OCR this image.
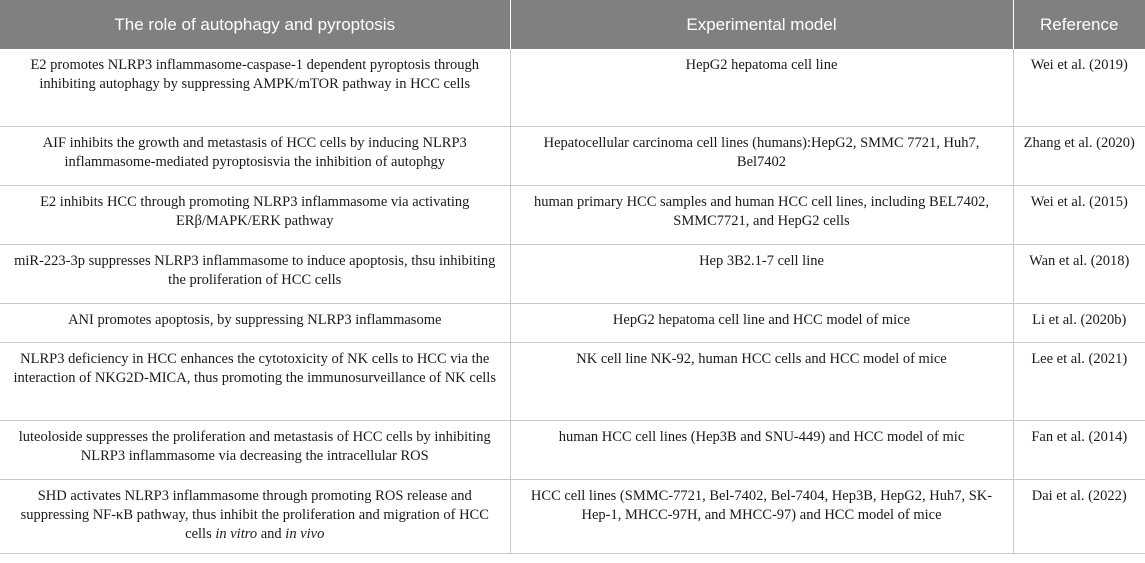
The role of autophagy and pyroptosis	Experimental model	Reference

E2 promotes NLRP3 inflammasome-caspase-1 dependent pyroptosis through inhibiting autophagy by suppressing AMPK/mTOR pathway in HCC cells	HepG2 hepatoma cell line	Wei et al. (2019)

AIF inhibits the growth and metastasis of HCC cells by inducing NLRP3 inflammasome-mediated pyroptosisvia the inhibition of autophgy	Hepatocellular carcinoma cell lines (humans):HepG2, SMMC 7721, Huh7, Bel7402	Zhang et al. (2020)

E2 inhibits HCC through promoting NLRP3 inflammasome via activating ERβ/MAPK/ERK pathway	human primary HCC samples and human HCC cell lines, including BEL7402, SMMC7721, and HepG2 cells	Wei et al. (2015)

miR-223-3p suppresses NLRP3 inflammasome to induce apoptosis, thsu inhibiting the proliferation of HCC cells	Hep 3B2.1-7 cell line	Wan et al. (2018)

ANI promotes apoptosis, by suppressing NLRP3 inflammasome	HepG2 hepatoma cell line and HCC model of mice	Li et al. (2020b)

NLRP3 deficiency in HCC enhances the cytotoxicity of NK cells to HCC via the interaction of NKG2D-MICA, thus promoting the immunosurveillance of NK cells	NK cell line NK-92, human HCC cells and HCC model of mice	Lee et al. (2021)

luteoloside suppresses the proliferation and metastasis of HCC cells by inhibiting NLRP3 inflammasome via decreasing the intracellular ROS	human HCC cell lines (Hep3B and SNU-449) and HCC model of mic	Fan et al. (2014)

SHD activates NLRP3 inflammasome through promoting ROS release and suppressing NF-κB pathway, thus inhibit the proliferation and migration of HCC cells in vitro and in vivo	HCC cell lines (SMMC-7721, Bel-7402, Bel-7404, Hep3B, HepG2, Huh7, SK-Hep-1, MHCC-97H, and MHCC-97) and HCC model of mice	Dai et al. (2022)
